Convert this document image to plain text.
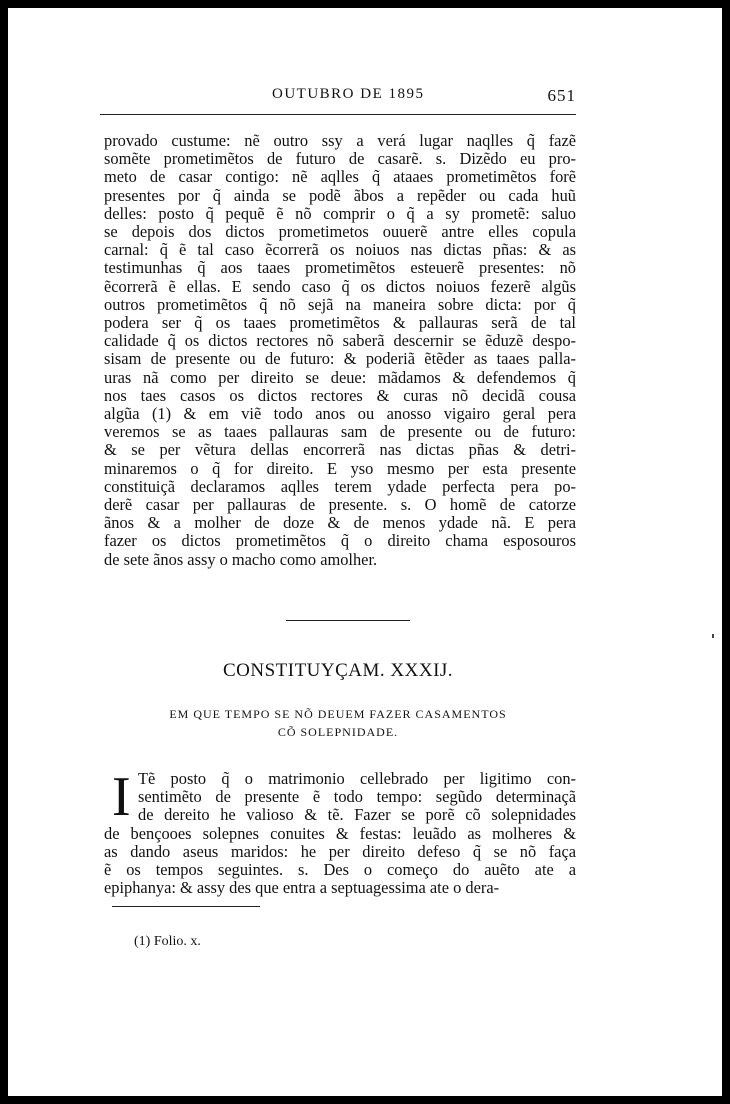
OUTUBRO DE 1895	651
provado custume: nẽ outro ssy a verá lugar naqlles q̃ fazẽ
somẽte prometimẽtos de futuro de casarẽ. s. Dizẽdo eu pro-
meto de casar contigo: nẽ aqlles q̃ ataaes prometimẽtos forẽ
presentes por q̃ ainda se podẽ ãbos a repẽder ou cada huũ
delles: posto q̃ pequẽ ẽ nõ comprir o q̃ a sy prometẽ: saluo
se depois dos dictos prometimetos ouuerẽ antre elles copula
carnal: q̃ ẽ tal caso ẽcorrerã os noiuos nas dictas pñas: & as
testimunhas q̃ aos taaes prometimẽtos esteuerẽ presentes: nõ
ẽcorrerã ẽ ellas. E sendo caso q̃ os dictos noiuos fezerẽ algũs
outros prometimẽtos q̃ nõ sejã na maneira sobre dicta: por q̃
podera ser q̃ os taaes prometimẽtos & pallauras serã de tal
calidade q̃ os dictos rectores nõ saberã descernir se ẽduzẽ despo-
sisam de presente ou de futuro: & poderiã ẽtẽder as taaes palla-
uras nã como per direito se deue: mãdamos & defendemos q̃
nos taes casos os dictos rectores & curas nõ decidã cousa
algũa (1) & em viẽ todo anos ou anosso vigairo geral pera
veremos se as taaes pallauras sam de presente ou de futuro:
& se per vẽtura dellas encorrerã nas dictas pñas & detri-
minaremos o q̃ for direito. E yso mesmo per esta presente
constituiçã declaramos aqlles terem ydade perfecta pera po-
derẽ casar per pallauras de presente. s. O homẽ de catorze
ãnos & a molher de doze & de menos ydade nã. E pera
fazer os dictos prometimẽtos q̃ o direito chama esposouros
de sete ãnos assy o macho como amolher.
CONSTITUYÇAM. XXXIJ.
EM QUE TEMPO SE NÕ DEUEM FAZER CASAMENTOS
CÕ SOLEPNIDADE.
I Tẽ posto q̃ o matrimonio cellebrado per ligitimo con-
sentimẽto de presente ẽ todo tempo: segũdo determinaçã
de dereito he valioso & tẽ. Fazer se porẽ cõ solepnidades
de bençooes solepnes conuites & festas: leuãdo as molheres &
as dando aseus maridos: he per direito defeso q̃ se nõ faça
ẽ os tempos seguintes. s. Des o começo do auẽto ate a
epiphanya: & assy des que entra a septuagessima ate o dera-
(1) Folio. x.
